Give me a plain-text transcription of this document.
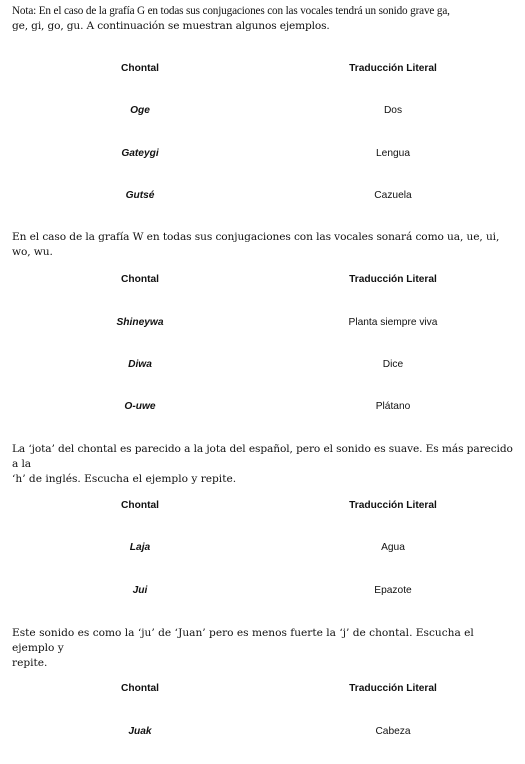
Nota: En el caso de la grafía G en todas sus conjugaciones con las vocales tendrá un sonido grave ga,
ge, gi, go, gu. A continuación se muestran algunos ejemplos.
Chontal	Traducción Literal
Oge	Dos
Gateygi	Lengua
Gutsé	Cazuela
En el caso de la grafía W en todas sus conjugaciones con las vocales sonará como ua, ue, ui, wo, wu.
Chontal	Traducción Literal
Shineywa	Planta siempre viva
Diwa	Dice
O-uwe	Plátano
La ‘jota’ del chontal es parecido a la jota del español, pero el sonido es suave. Es más parecido a la
‘h’ de inglés. Escucha el ejemplo y repite.
Chontal	Traducción Literal
Laja	Agua
Jui	Epazote
Este sonido es como la ‘ju’ de ‘Juan’ pero es menos fuerte la ‘j’ de chontal. Escucha el ejemplo y
repite.
Chontal	Traducción Literal
Juak	Cabeza
